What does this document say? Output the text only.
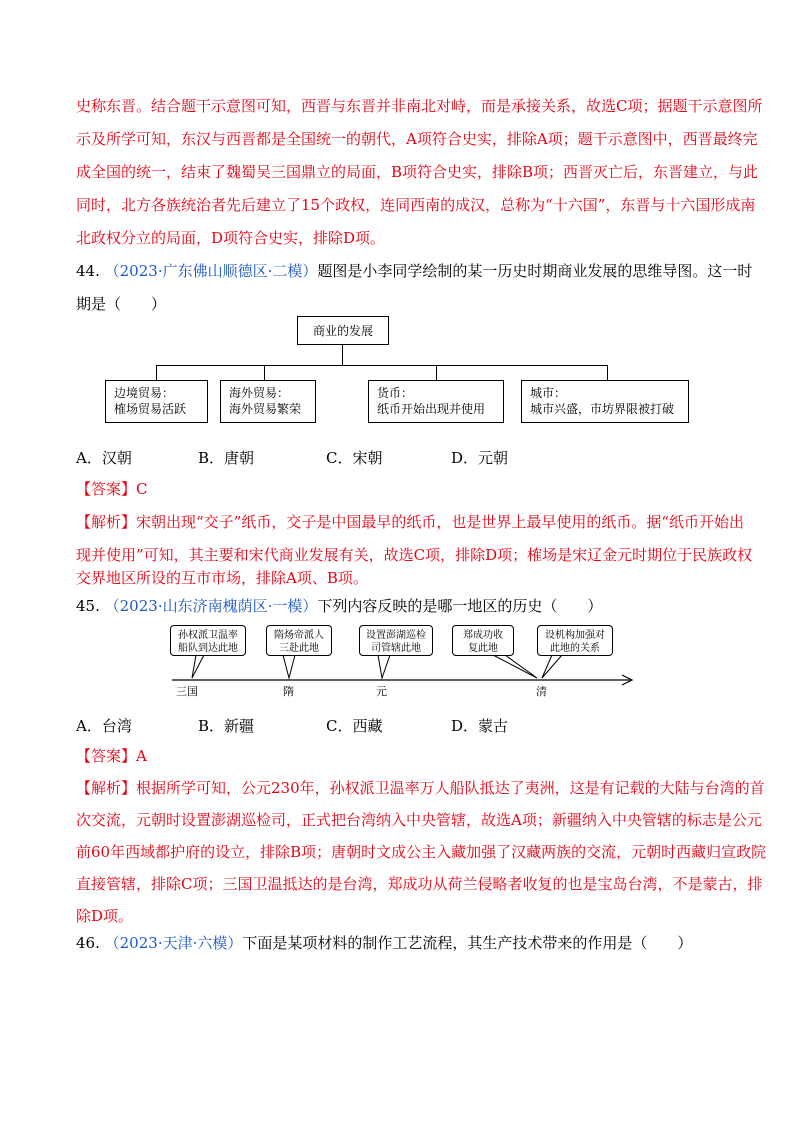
史称东晋。结合题干示意图可知，西晋与东晋并非南北对峙，而是承接关系，故选C项；据题干示意图所
示及所学可知，东汉与西晋都是全国统一的朝代，A项符合史实，排除A项；题干示意图中，西晋最终完
成全国的统一，结束了魏蜀吴三国鼎立的局面，B项符合史实，排除B项；西晋灭亡后，东晋建立，与此
同时，北方各族统治者先后建立了15个政权，连同西南的成汉，总称为“十六国”，东晋与十六国形成南
北政权分立的局面，D项符合史实，排除D项。
44. （2023·广东佛山顺德区·二模）题图是小李同学绘制的某一历史时期商业发展的思维导图。这一时
期是（　　）
商业的发展
边境贸易：
榷场贸易活跃
海外贸易：
海外贸易繁荣
货币：
纸币开始出现并使用
城市：
城市兴盛，市坊界限被打破
A．汉朝	B．唐朝	C．宋朝	D．元朝
【答案】C
【解析】宋朝出现“交子”纸币，交子是中国最早的纸币，也是世界上最早使用的纸币。据“纸币开始出
现并使用”可知，其主要和宋代商业发展有关，故选C项，排除D项；榷场是宋辽金元时期位于民族政权
交界地区所设的互市市场，排除A项、B项。
45. （2023·山东济南槐荫区·一模）下列内容反映的是哪一地区的历史（　　）
孙权派卫温率
船队到达此地
隋炀帝派人
三赴此地
设置澎湖巡检
司管辖此地
郑成功收
复此地
设机构加强对
此地的关系
三国	隋	元	清
A．台湾	B．新疆	C．西藏	D．蒙古
【答案】A
【解析】根据所学可知，公元230年，孙权派卫温率万人船队抵达了夷洲，这是有记载的大陆与台湾的首
次交流，元朝时设置澎湖巡检司，正式把台湾纳入中央管辖，故选A项；新疆纳入中央管辖的标志是公元
前60年西域都护府的设立，排除B项；唐朝时文成公主入藏加强了汉藏两族的交流，元朝时西藏归宣政院
直接管辖，排除C项；三国卫温抵达的是台湾，郑成功从荷兰侵略者收复的也是宝岛台湾，不是蒙古，排
除D项。
46. （2023·天津·六模）下面是某项材料的制作工艺流程，其生产技术带来的作用是（　　）
